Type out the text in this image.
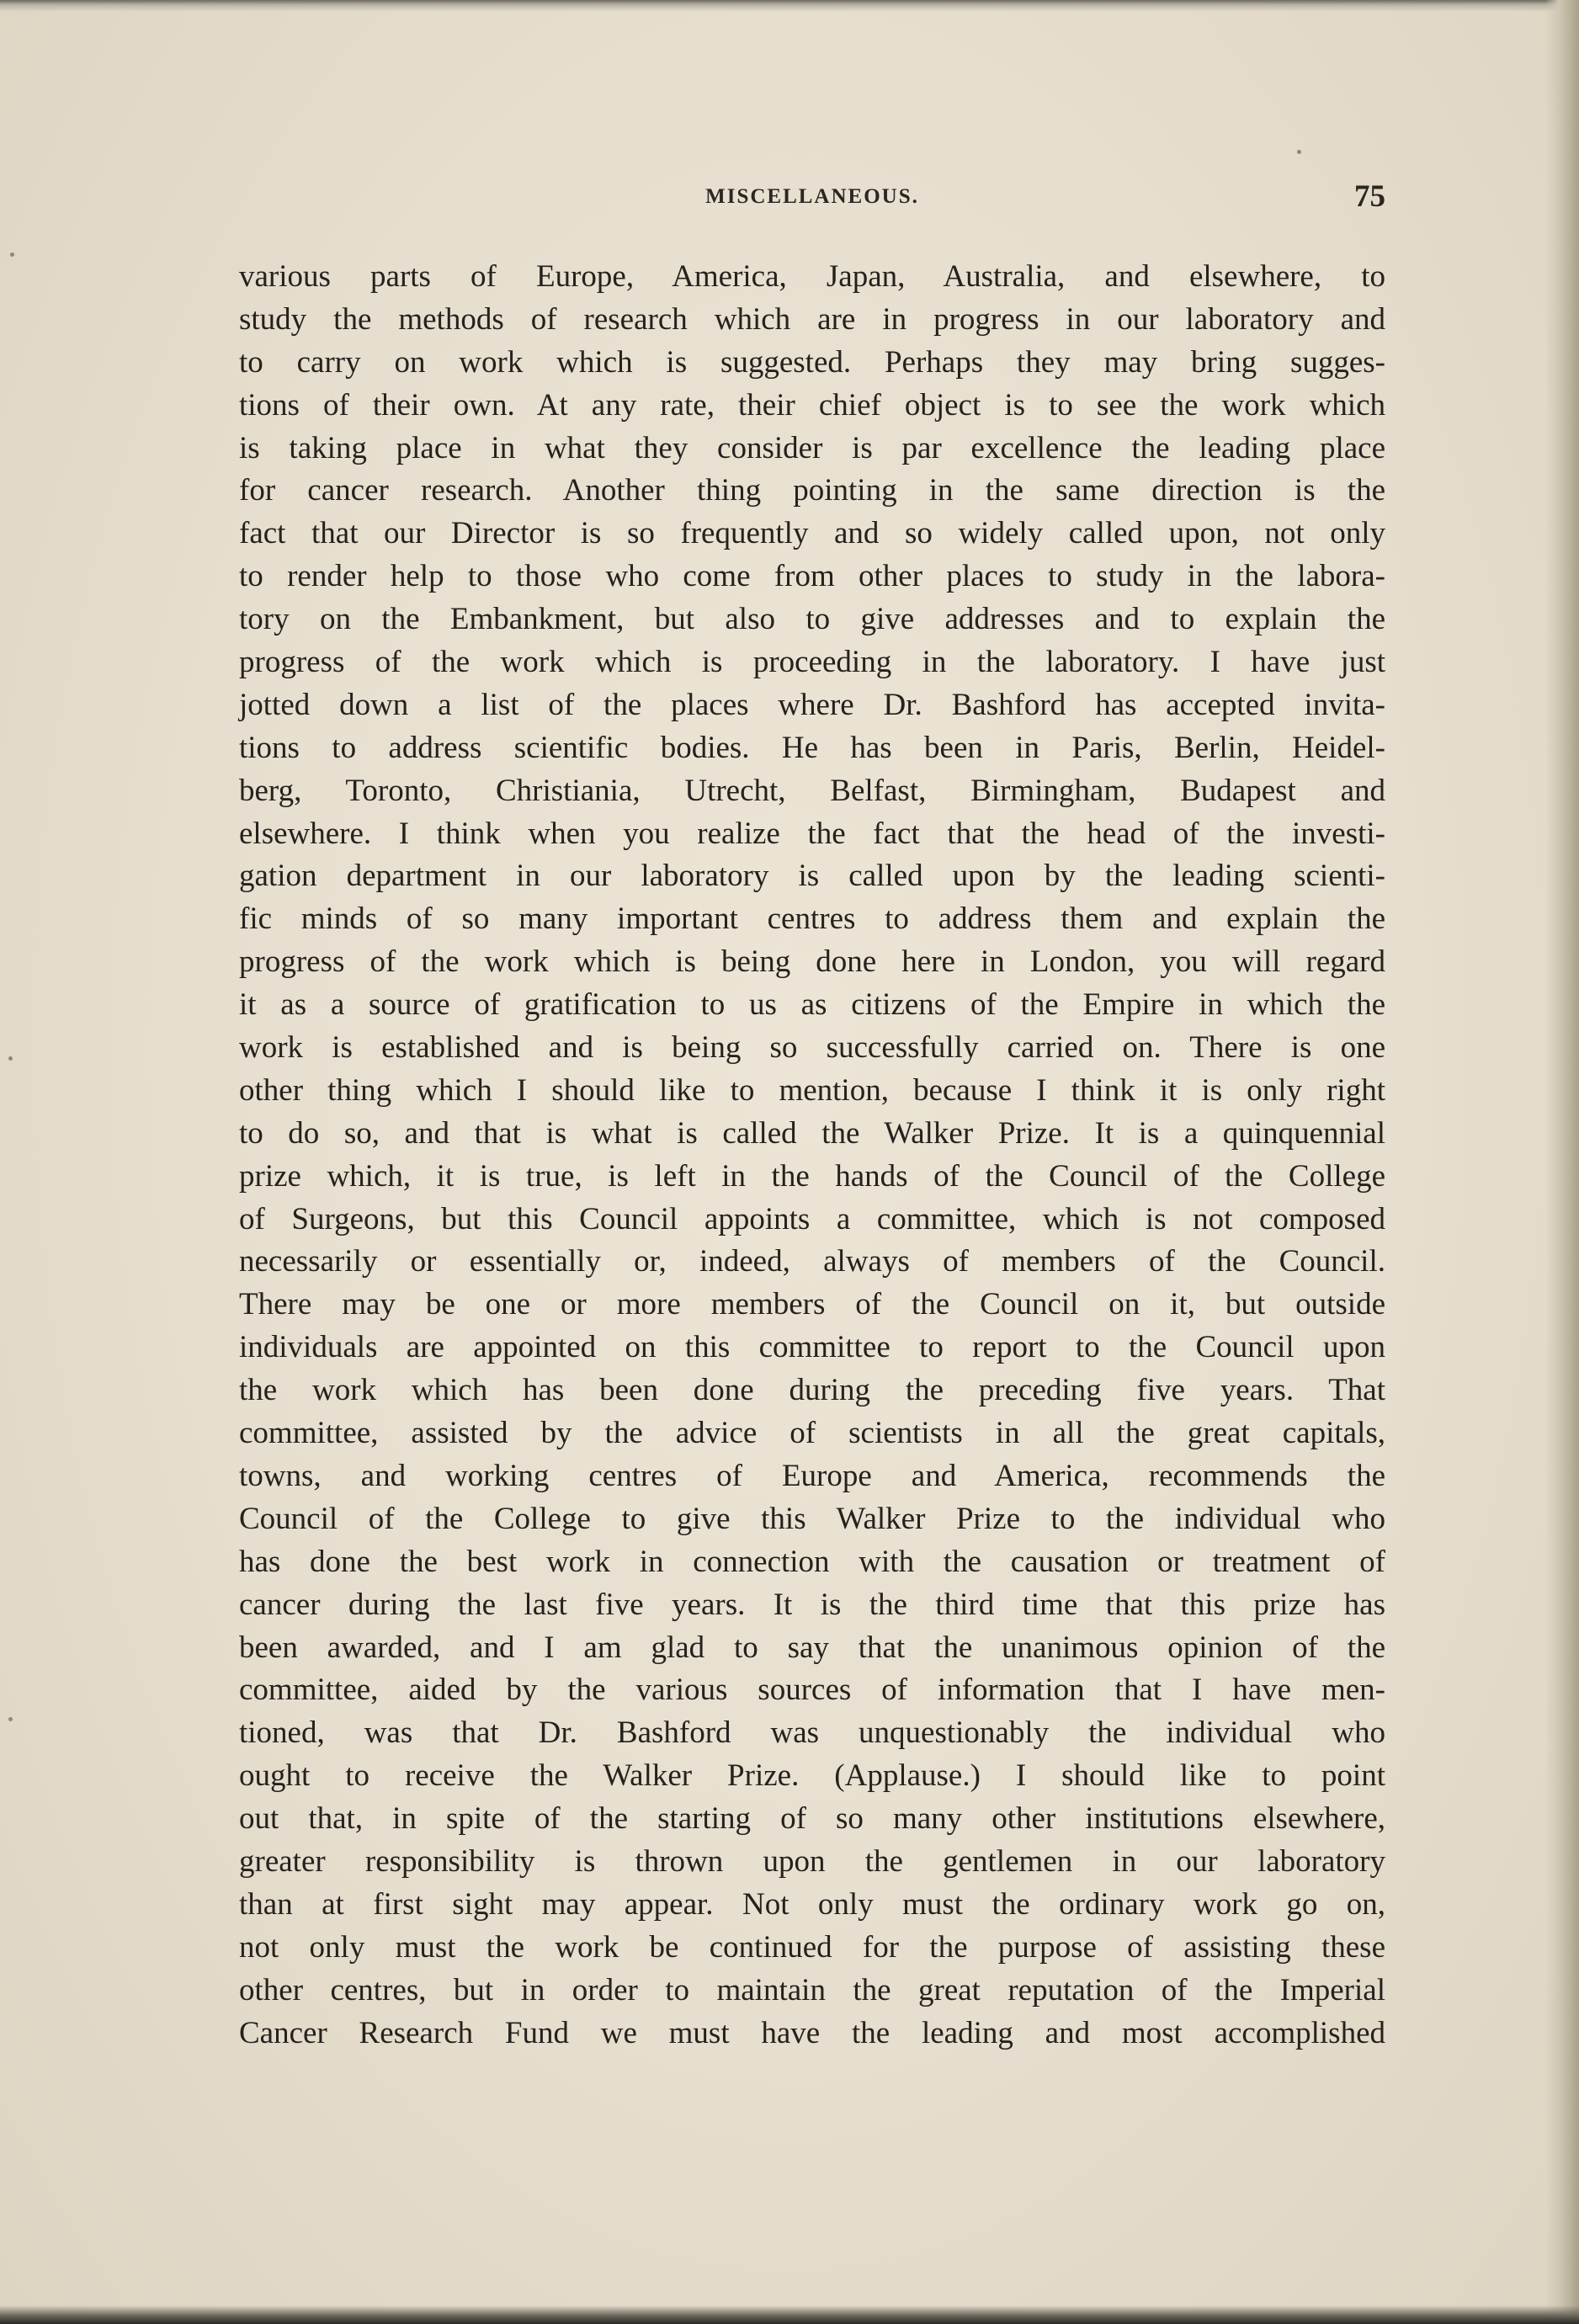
MISCELLANEOUS.	75
various parts of Europe, America, Japan, Australia, and elsewhere, to
study the methods of research which are in progress in our laboratory and
to carry on work which is suggested. Perhaps they may bring sugges-
tions of their own. At any rate, their chief object is to see the work which
is taking place in what they consider is par excellence the leading place
for cancer research. Another thing pointing in the same direction is the
fact that our Director is so frequently and so widely called upon, not only
to render help to those who come from other places to study in the labora-
tory on the Embankment, but also to give addresses and to explain the
progress of the work which is proceeding in the laboratory. I have just
jotted down a list of the places where Dr. Bashford has accepted invita-
tions to address scientific bodies. He has been in Paris, Berlin, Heidel-
berg, Toronto, Christiania, Utrecht, Belfast, Birmingham, Budapest and
elsewhere. I think when you realize the fact that the head of the investi-
gation department in our laboratory is called upon by the leading scienti-
fic minds of so many important centres to address them and explain the
progress of the work which is being done here in London, you will regard
it as a source of gratification to us as citizens of the Empire in which the
work is established and is being so successfully carried on. There is one
other thing which I should like to mention, because I think it is only right
to do so, and that is what is called the Walker Prize. It is a quinquennial
prize which, it is true, is left in the hands of the Council of the College
of Surgeons, but this Council appoints a committee, which is not composed
necessarily or essentially or, indeed, always of members of the Council.
There may be one or more members of the Council on it, but outside
individuals are appointed on this committee to report to the Council upon
the work which has been done during the preceding five years. That
committee, assisted by the advice of scientists in all the great capitals,
towns, and working centres of Europe and America, recommends the
Council of the College to give this Walker Prize to the individual who
has done the best work in connection with the causation or treatment of
cancer during the last five years. It is the third time that this prize has
been awarded, and I am glad to say that the unanimous opinion of the
committee, aided by the various sources of information that I have men-
tioned, was that Dr. Bashford was unquestionably the individual who
ought to receive the Walker Prize. (Applause.) I should like to point
out that, in spite of the starting of so many other institutions elsewhere,
greater responsibility is thrown upon the gentlemen in our laboratory
than at first sight may appear. Not only must the ordinary work go on,
not only must the work be continued for the purpose of assisting these
other centres, but in order to maintain the great reputation of the Imperial
Cancer Research Fund we must have the leading and most accomplished
